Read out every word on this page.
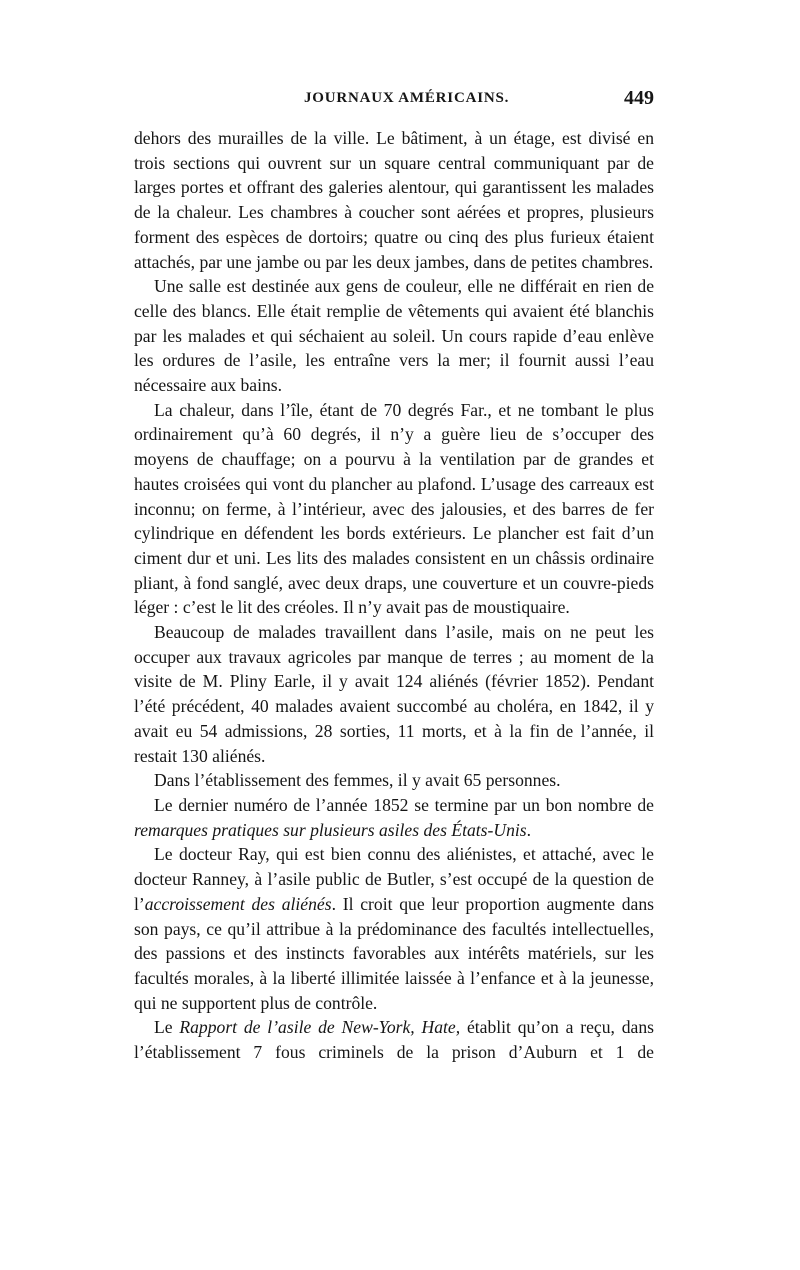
JOURNAUX AMÉRICAINS.	449

dehors des murailles de la ville. Le bâtiment, à un étage, est divisé en trois sections qui ouvrent sur un square central communiquant par de larges portes et offrant des galeries alentour, qui garantissent les malades de la chaleur. Les chambres à coucher sont aérées et propres, plusieurs forment des espèces de dortoirs; quatre ou cinq des plus furieux étaient attachés, par une jambe ou par les deux jambes, dans de petites chambres.

Une salle est destinée aux gens de couleur, elle ne différait en rien de celle des blancs. Elle était remplie de vêtements qui avaient été blanchis par les malades et qui séchaient au soleil. Un cours rapide d’eau enlève les ordures de l’asile, les entraîne vers la mer; il fournit aussi l’eau nécessaire aux bains.

La chaleur, dans l’île, étant de 70 degrés Far., et ne tombant le plus ordinairement qu’à 60 degrés, il n’y a guère lieu de s’occuper des moyens de chauffage; on a pourvu à la ventilation par de grandes et hautes croisées qui vont du plancher au plafond. L’usage des carreaux est inconnu; on ferme, à l’intérieur, avec des jalousies, et des barres de fer cylindrique en défendent les bords extérieurs. Le plancher est fait d’un ciment dur et uni. Les lits des malades consistent en un châssis ordinaire pliant, à fond sanglé, avec deux draps, une couverture et un couvre-pieds léger : c’est le lit des créoles. Il n’y avait pas de moustiquaire.

Beaucoup de malades travaillent dans l’asile, mais on ne peut les occuper aux travaux agricoles par manque de terres ; au moment de la visite de M. Pliny Earle, il y avait 124 aliénés (février 1852). Pendant l’été précédent, 40 malades avaient succombé au choléra, en 1842, il y avait eu 54 admissions, 28 sorties, 11 morts, et à la fin de l’année, il restait 130 aliénés.

Dans l’établissement des femmes, il y avait 65 personnes.

Le dernier numéro de l’année 1852 se termine par un bon nombre de remarques pratiques sur plusieurs asiles des États-Unis.

Le docteur Ray, qui est bien connu des aliénistes, et attaché, avec le docteur Ranney, à l’asile public de Butler, s’est occupé de la question de l’accroissement des aliénés. Il croit que leur proportion augmente dans son pays, ce qu’il attribue à la prédominance des facultés intellectuelles, des passions et des instincts favorables aux intérêts matériels, sur les facultés morales, à la liberté illimitée laissée à l’enfance et à la jeunesse, qui ne supportent plus de contrôle.

Le Rapport de l’asile de New-York, Hate, établit qu’on a reçu, dans l’établissement 7 fous criminels de la prison d’Auburn et 1 de
